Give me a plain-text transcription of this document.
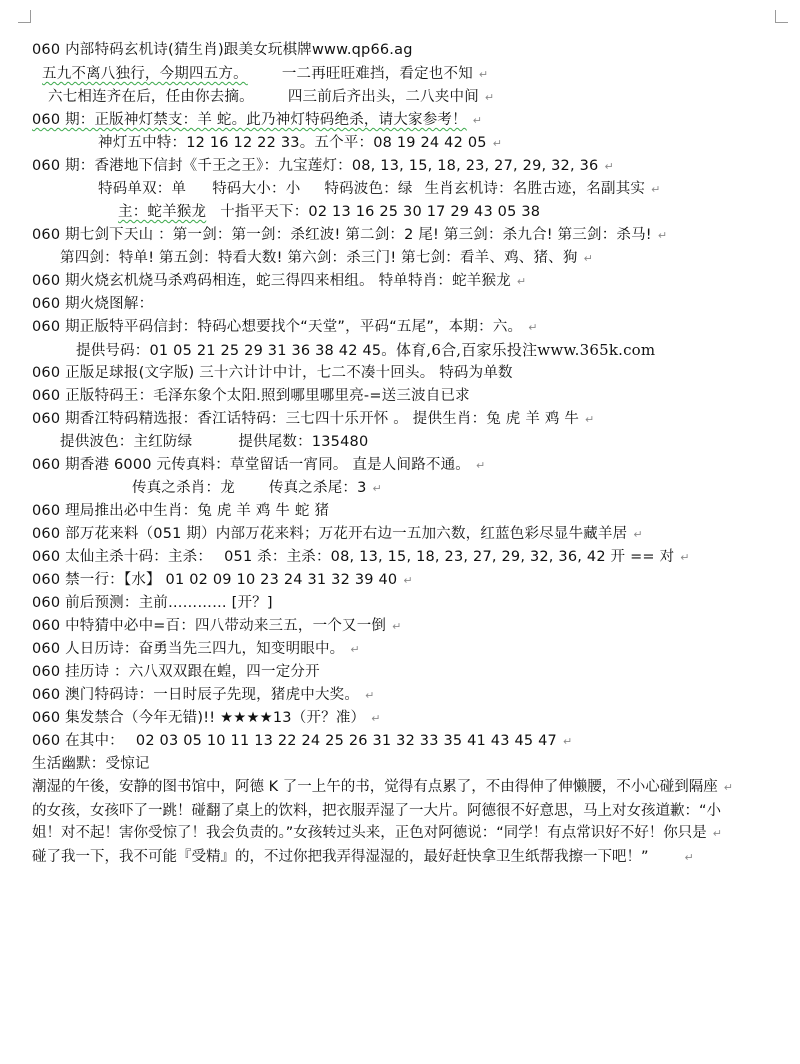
060 内部特码玄机诗(猜生肖)跟美女玩棋牌www.qp66.ag
五九不离八独行，今期四五方。 一二再旺旺难挡，看定也不知 ↵
六七相连齐在后，任由你去摘。 四三前后齐出头，二八夹中间 ↵
060 期：正版神灯禁支：羊 蛇。此乃神灯特码绝杀，请大家参考！ ↵
神灯五中特：12 16 12 22 33。五个平：08 19 24 42 05 ↵
060 期：香港地下信封《千王之王》：九宝莲灯：08, 13, 15, 18, 23, 27, 29, 32, 36 ↵
特码单双：单 特码大小：小 特码波色：绿 生肖玄机诗：名胜古迹，名副其实 ↵
主：蛇羊猴龙 十指平天下：02 13 16 25 30 17 29 43 05 38
060 期七剑下天山 ：第一剑：第一剑：杀红波! 第二剑：2 尾! 第三剑：杀九合! 第三剑：杀马! ↵
第四剑：特单! 第五剑：特看大数! 第六剑：杀三门! 第七剑：看羊、鸡、猪、狗 ↵
060 期火烧玄机烧马杀鸡码相连，蛇三得四来相组。 特单特肖：蛇羊猴龙 ↵
060 期火烧图解：
060 期正版特平码信封：特码心想要找个“天堂”，平码“五尾”，本期：六。 ↵
提供号码：01 05 21 25 29 31 36 38 42 45。体育,6合,百家乐投注www.365k.com
060 正版足球报(文字版) 三十六计计中计，七二不凑十回头。 特码为单数
060 正版特码王：毛泽东象个太阳.照到哪里哪里亮-=送三波自已求
060 期香江特码精选报：香江话特码：三七四十乐开怀 。 提供生肖：兔 虎 羊 鸡 牛 ↵
提供波色：主红防绿	提供尾数：135480
060 期香港 6000 元传真料：草堂留话一宵同。 直是人间路不通。 ↵
传真之杀肖：龙 传真之杀尾：3 ↵
060 理局推出必中生肖：兔 虎 羊 鸡 牛 蛇 猪
060 部万花来料（051 期）内部万花来料；万花开右边一五加六数，红蓝色彩尽显牛藏羊居 ↵
060 太仙主杀十码：主杀： 051 杀：主杀：08, 13, 15, 18, 23, 27, 29, 32, 36, 42 开 == 对 ↵
060 禁一行：【水】 01 02 09 10 23 24 31 32 39 40 ↵
060 前后预测：主前………… [开？]
060 中特猜中必中=百：四八带动来三五，一个又一倒 ↵
060 人日历诗：奋勇当先三四九，知变明眼中。 ↵
060 挂历诗 ：六八双双跟在蝗，四一定分开
060 澳门特码诗：一日时辰子先现，猪虎中大奖。 ↵
060 集发禁合（今年无错)!! ★★★★13（开？准） ↵
060 在其中： 02 03 05 10 11 13 22 24 25 26 31 32 33 35 41 43 45 47 ↵
生活幽默：受惊记
潮湿的午後，安静的图书馆中，阿德 K 了一上午的书，觉得有点累了，不由得伸了伸懒腰，不小心碰到隔座 ↵
的女孩，女孩吓了一跳！碰翻了桌上的饮料，把衣服弄湿了一大片。阿德很不好意思，马上对女孩道歉：“小
姐！对不起！害你受惊了！我会负责的。”女孩转过头来，正色对阿德说：“同学！有点常识好不好！你只是 ↵
碰了我一下，我不可能『受精』的，不过你把我弄得湿湿的，最好赶快拿卫生纸帮我擦一下吧！”	↵
